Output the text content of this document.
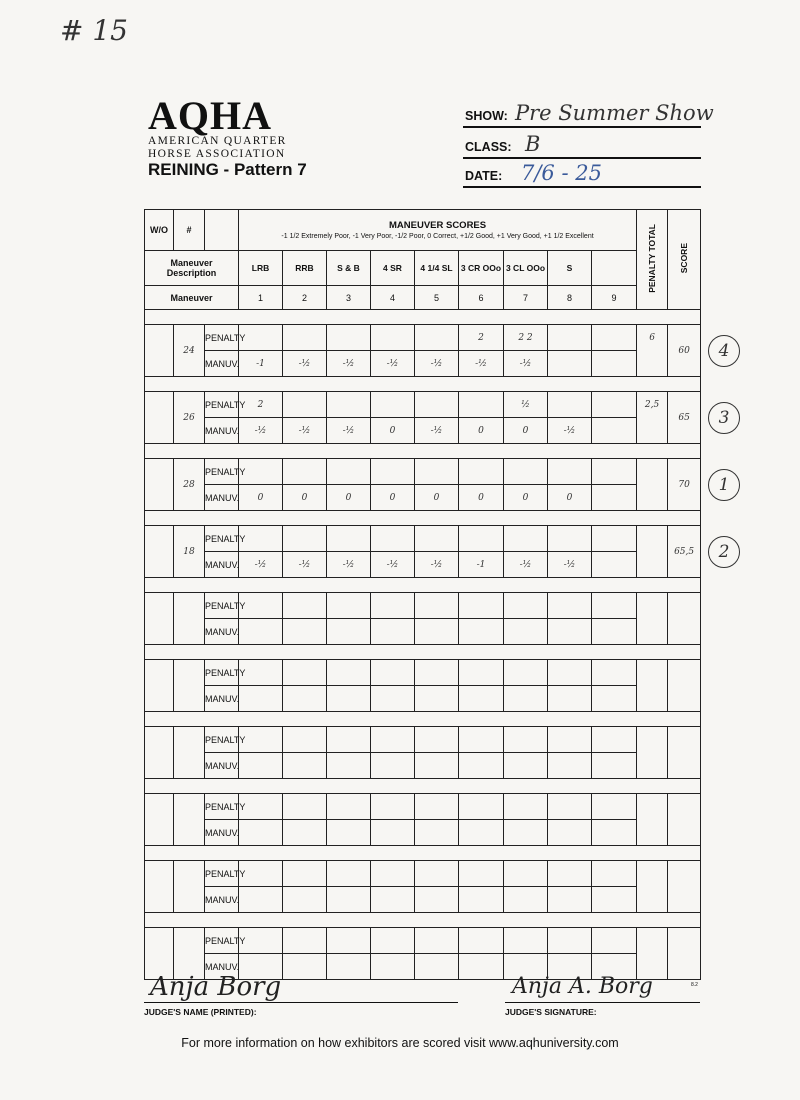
# 15
AQHA
AMERICAN QUARTER
HORSE ASSOCIATION
REINING - Pattern 7
SHOW: Pre Summer Show
CLASS: B
DATE: 7/6 - 25
W/O	#		MANEUVER SCORES
-1 1/2 Extremely Poor, -1 Very Poor, -1/2 Poor, 0 Correct, +1/2 Good, +1 Very Good, +1 1/2 Excellent									PENALTY TOTAL	SCORE
Maneuver Description			LRB	RRB	S & B	4 SR	4 1/4 SL	3 CR OOo	3 CL OOo	S			
Maneuver			1	2	3	4	5	6	7	8	9		

	24	PENALTY						2	2 2			6	60
		MANUV.	-1	-½	-½	-½	-½	-½	-½				

	26	PENALTY	2						½			2,5	65
		MANUV.	-½	-½	-½	0	-½	0	0	-½			

	28	PENALTY											70
		MANUV.	0	0	0	0	0	0	0	0			

	18	PENALTY											65,5
		MANUV.	-½	-½	-½	-½	-½	-1	-½	-½			

		PENALTY											
		MANUV.											

		PENALTY											
		MANUV.											

		PENALTY											
		MANUV.											

		PENALTY											
		MANUV.											

		PENALTY											
		MANUV.											

		PENALTY											
		MANUV.											
4
3
1
2
Anja Borg	Anja A. Borg	8.2
JUDGE'S NAME (PRINTED):	JUDGE'S SIGNATURE:
For more information on how exhibitors are scored visit www.aqhuniversity.com
